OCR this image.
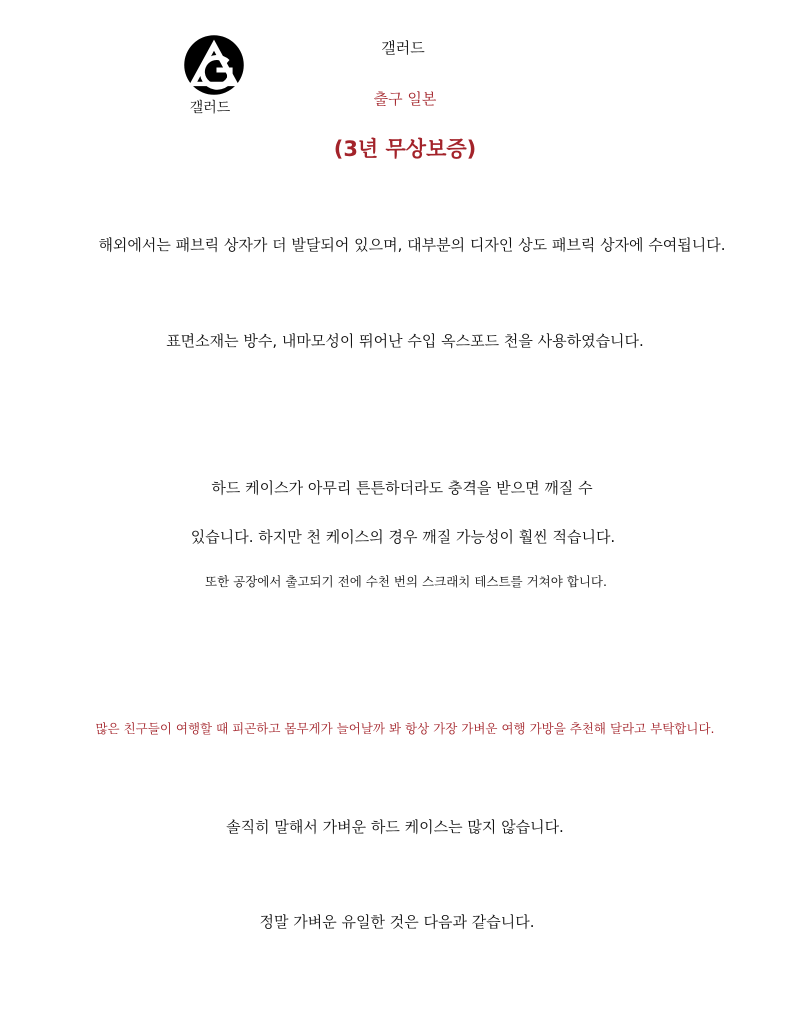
갤러드
갤러드
출구 일본
(3년 무상보증)
해외에서는 패브릭 상자가 더 발달되어 있으며, 대부분의 디자인 상도 패브릭 상자에 수여됩니다.
표면소재는 방수, 내마모성이 뛰어난 수입 옥스포드 천을 사용하였습니다.
하드 케이스가 아무리 튼튼하더라도 충격을 받으면 깨질 수
있습니다. 하지만 천 케이스의 경우 깨질 가능성이 훨씬 적습니다.
또한 공장에서 출고되기 전에 수천 번의 스크래치 테스트를 거쳐야 합니다.
많은 친구들이 여행할 때 피곤하고 몸무게가 늘어날까 봐 항상 가장 가벼운 여행 가방을 추천해 달라고 부탁합니다.
솔직히 말해서 가벼운 하드 케이스는 많지 않습니다.
정말 가벼운 유일한 것은 다음과 같습니다.
